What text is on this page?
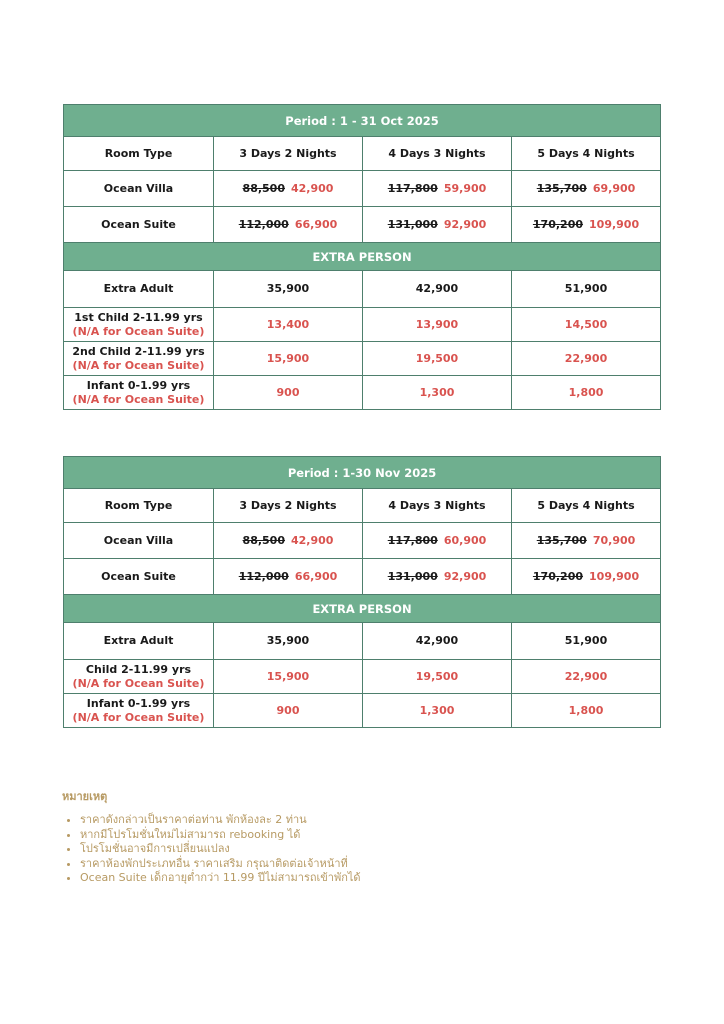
Period : 1 - 31 Oct 2025			
Room Type	3 Days 2 Nights	4 Days 3 Nights	5 Days 4 Nights
Ocean Villa	88,500 42,900	117,800 59,900	135,700 69,900
Ocean Suite	112,000 66,900	131,000 92,900	170,200 109,900
EXTRA PERSON			
Extra Adult	35,900	42,900	51,900
1st Child 2-11.99 yrs
(N/A for Ocean Suite)	13,400	13,900	14,500
2nd Child 2-11.99 yrs
(N/A for Ocean Suite)	15,900	19,500	22,900
Infant 0-1.99 yrs
(N/A for Ocean Suite)	900	1,300	1,800
Period : 1-30 Nov 2025			
Room Type	3 Days 2 Nights	4 Days 3 Nights	5 Days 4 Nights
Ocean Villa	88,500 42,900	117,800 60,900	135,700 70,900
Ocean Suite	112,000 66,900	131,000 92,900	170,200 109,900
EXTRA PERSON			
Extra Adult	35,900	42,900	51,900
Child 2-11.99 yrs
(N/A for Ocean Suite)	15,900	19,500	22,900
Infant 0-1.99 yrs
(N/A for Ocean Suite)	900	1,300	1,800
หมายเหตุ
• ราคาดังกล่าวเป็นราคาต่อท่าน พักห้องละ 2 ท่าน
• หากมีโปรโมชั่นใหม่ไม่สามารถ rebooking ได้
• โปรโมชั่นอาจมีการเปลี่ยนแปลง
• ราคาห้องพักประเภทอื่น ราคาเสริม กรุณาติดต่อเจ้าหน้าที่
• Ocean Suite เด็กอายุต่ำกว่า 11.99 ปีไม่สามารถเข้าพักได้
